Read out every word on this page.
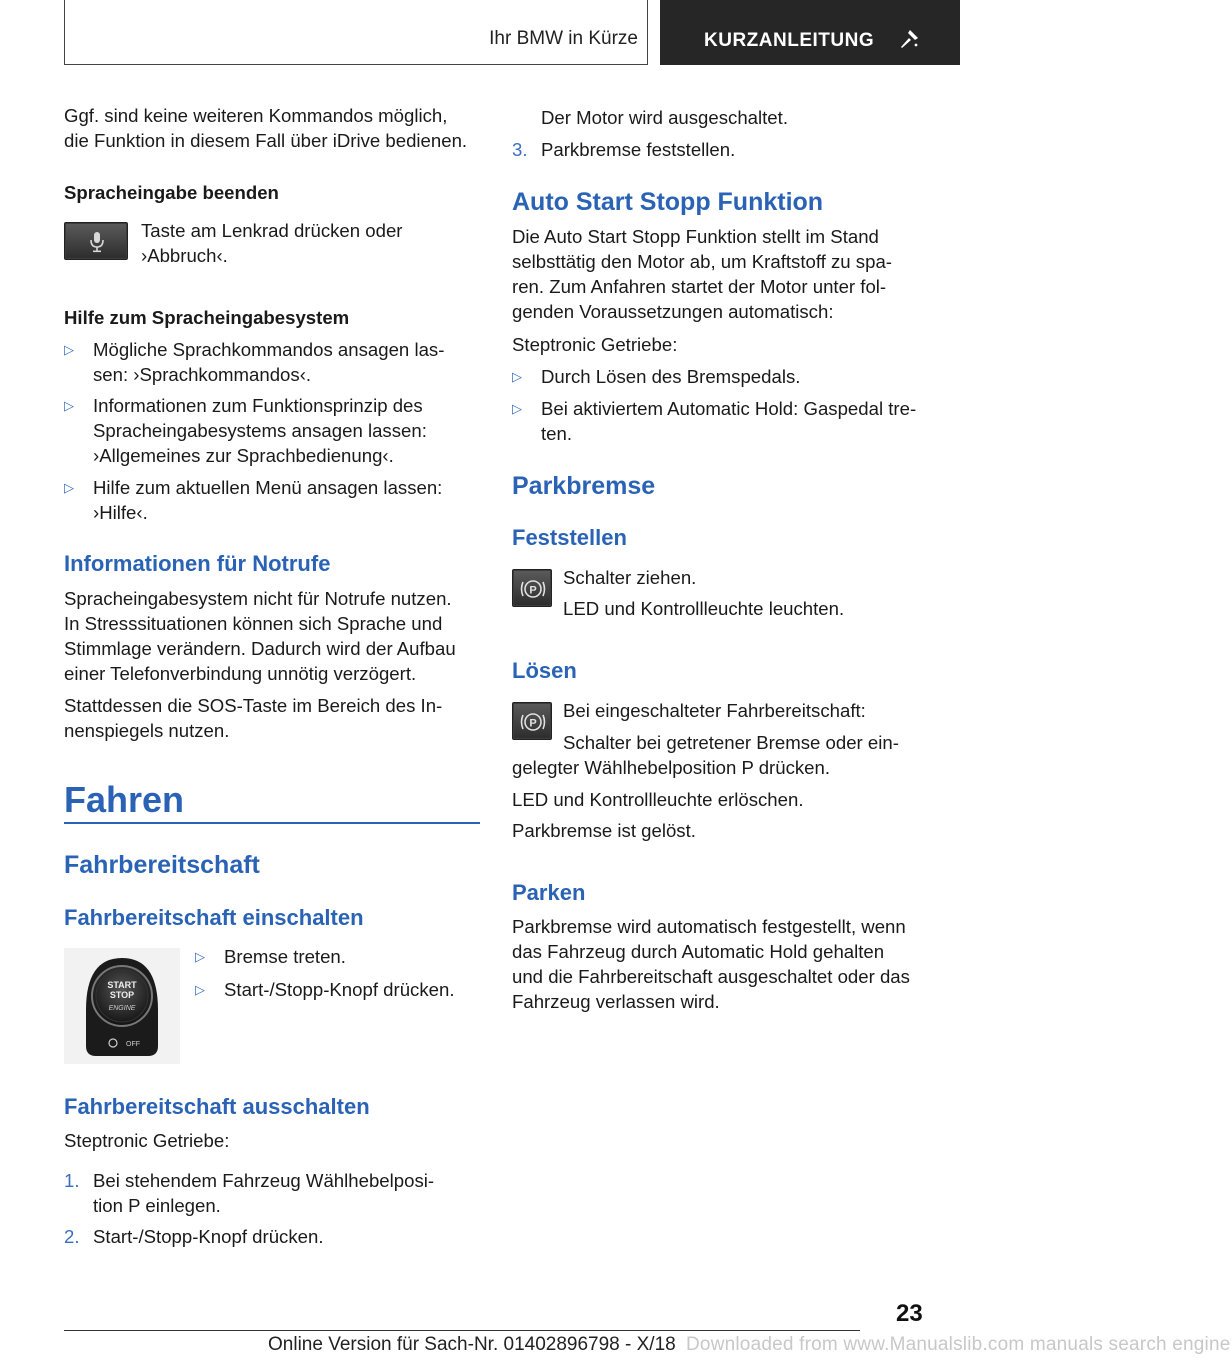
Ihr BMW in Kürze	KURZANLEITUNG
Ggf. sind keine weiteren Kommandos möglich,
die Funktion in diesem Fall über iDrive bedienen.
Spracheingabe beenden
Taste am Lenkrad drücken oder
›Abbruch‹.
Hilfe zum Spracheingabesystem
▷ Mögliche Sprachkommandos ansagen las-
sen: ›Sprachkommandos‹.
▷ Informationen zum Funktionsprinzip des
Spracheingabesystems ansagen lassen:
›Allgemeines zur Sprachbedienung‹.
▷ Hilfe zum aktuellen Menü ansagen lassen:
›Hilfe‹.
Informationen für Notrufe
Spracheingabesystem nicht für Notrufe nutzen.
In Stresssituationen können sich Sprache und
Stimmlage verändern. Dadurch wird der Aufbau
einer Telefonverbindung unnötig verzögert.
Stattdessen die SOS-Taste im Bereich des In-
nenspiegels nutzen.
Fahren
Fahrbereitschaft
Fahrbereitschaft einschalten
START
STOP
ENGINE
OFF
▷ Bremse treten.
▷ Start-/Stopp-Knopf drücken.
Fahrbereitschaft ausschalten
Steptronic Getriebe:
1. Bei stehendem Fahrzeug Wählhebelposi-
tion P einlegen.
2. Start-/Stopp-Knopf drücken.
Der Motor wird ausgeschaltet.
3. Parkbremse feststellen.
Auto Start Stopp Funktion
Die Auto Start Stopp Funktion stellt im Stand
selbsttätig den Motor ab, um Kraftstoff zu spa-
ren. Zum Anfahren startet der Motor unter fol-
genden Voraussetzungen automatisch:
Steptronic Getriebe:
▷ Durch Lösen des Bremspedals.
▷ Bei aktiviertem Automatic Hold: Gaspedal tre-
ten.
Parkbremse
Feststellen
P
Schalter ziehen.
LED und Kontrollleuchte leuchten.
Lösen
P
Bei eingeschalteter Fahrbereitschaft:
Schalter bei getretener Bremse oder ein-
gelegter Wählhebelposition P drücken.
LED und Kontrollleuchte erlöschen.
Parkbremse ist gelöst.
Parken
Parkbremse wird automatisch festgestellt, wenn
das Fahrzeug durch Automatic Hold gehalten
und die Fahrbereitschaft ausgeschaltet oder das
Fahrzeug verlassen wird.
23
Online Version für Sach-Nr. 01402896798 - X/18 Downloaded from www.Manualslib.com manuals search engine
